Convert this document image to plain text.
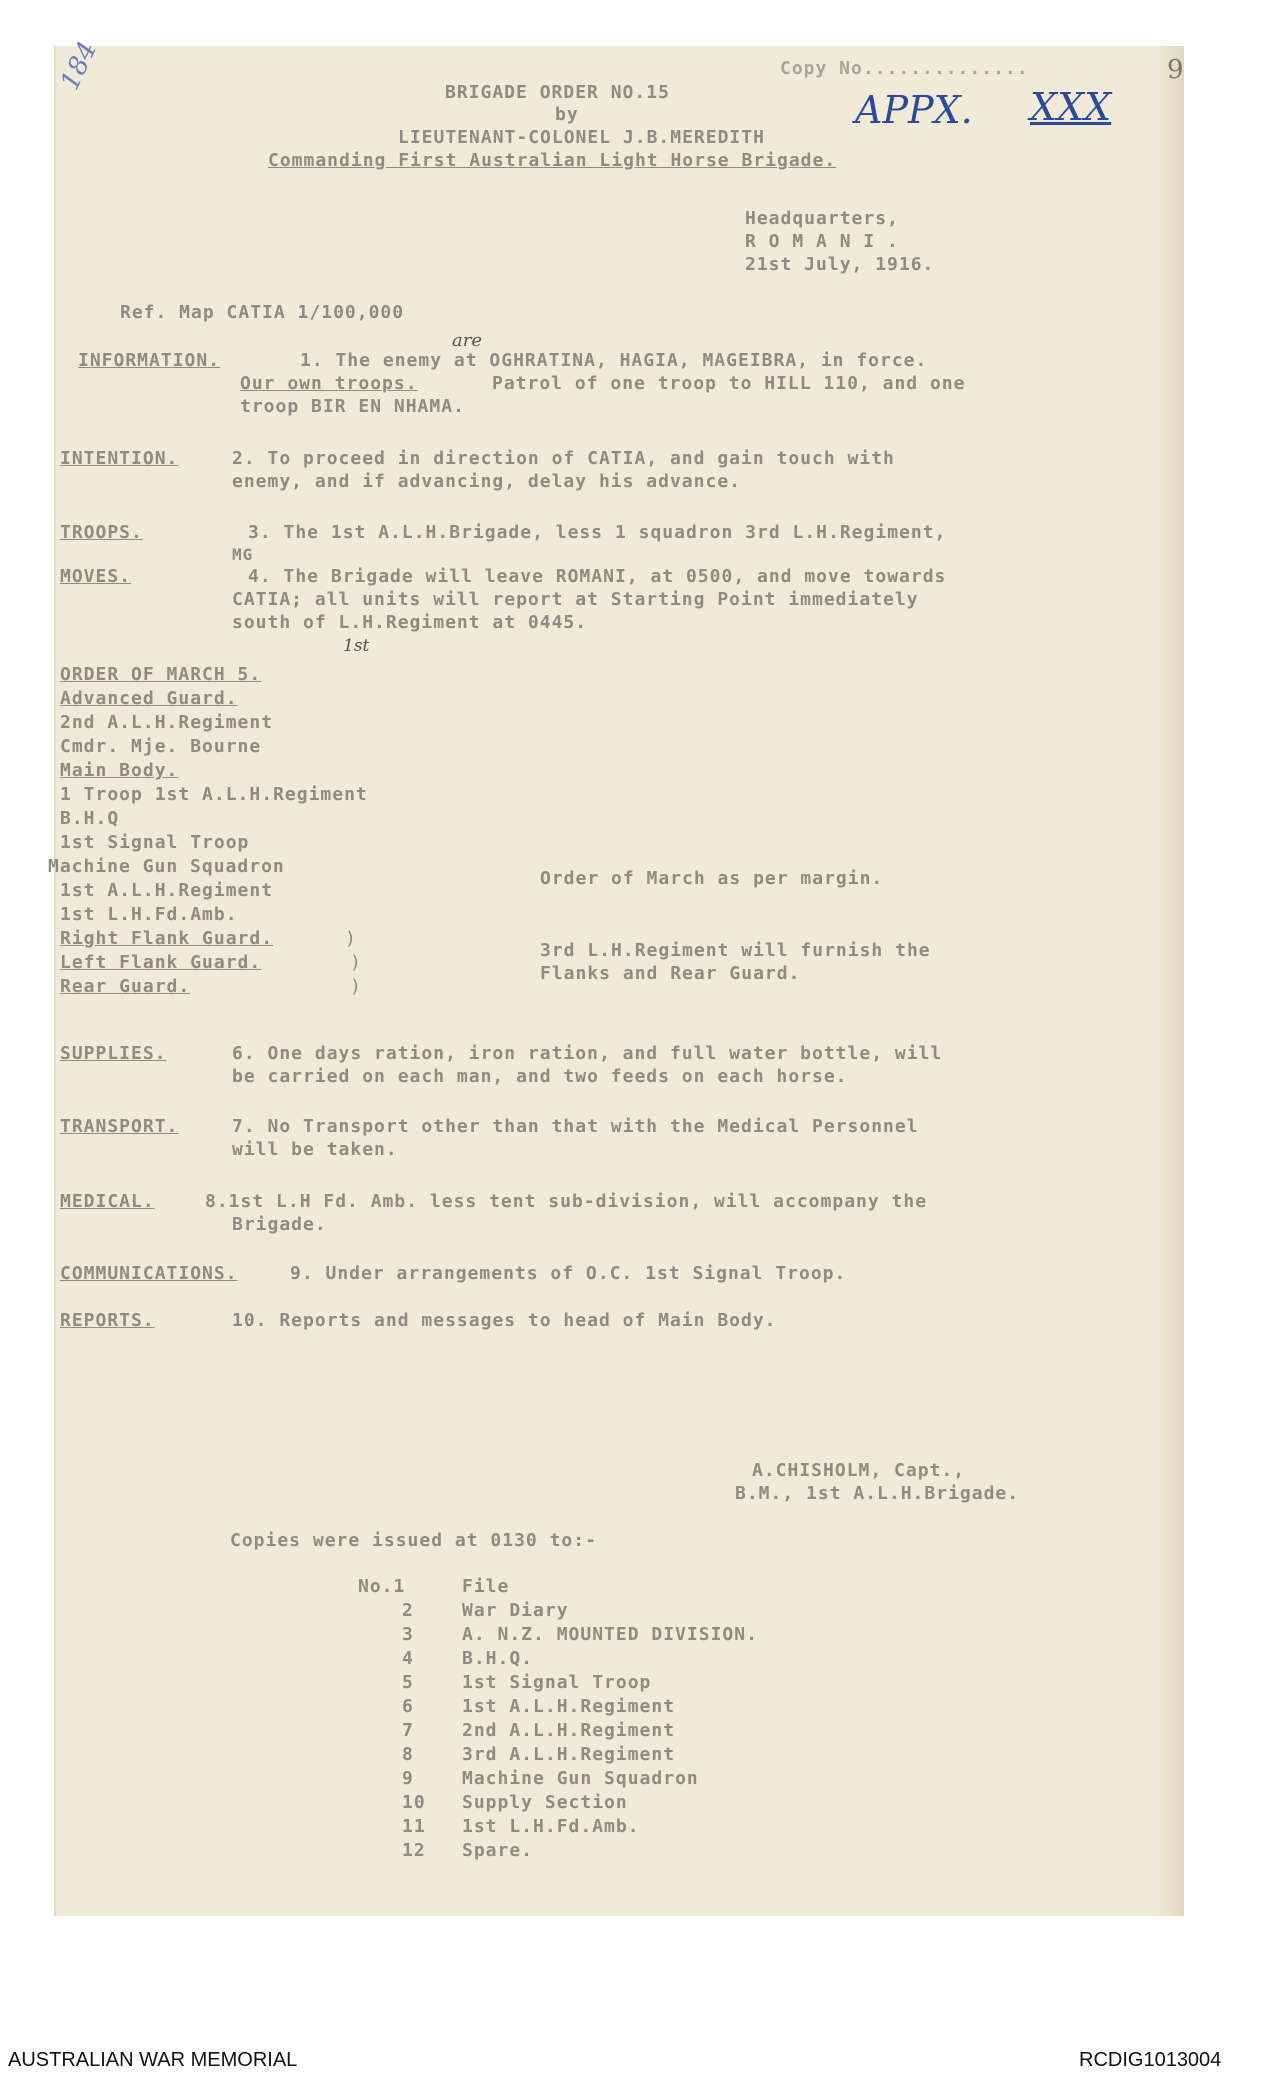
BRIGADE ORDER NO.15
by
LIEUTENANT-COLONEL J.B.MEREDITH
Commanding First Australian Light Horse Brigade.
Copy No..............
APPX. XXX
9
184
Headquarters,
R O M A N I .
21st July, 1916.
Ref. Map CATIA 1/100,000
INFORMATION.	1. The enemy at OGHRATINA, HAGIA, MAGEIBRA, in force.
are
Our own troops.	Patrol of one troop to HILL 110, and one
troop BIR EN NHAMA.
INTENTION.	2. To proceed in direction of CATIA, and gain touch with
enemy, and if advancing, delay his advance.
TROOPS.	3. The 1st A.L.H.Brigade, less 1 squadron 3rd L.H.Regiment,
MG
MOVES.	4. The Brigade will leave ROMANI, at 0500, and move towards
CATIA; all units will report at Starting Point immediately
south of L.H.Regiment at 0445.
1st
ORDER OF MARCH 5.
Advanced Guard.
2nd A.L.H.Regiment
Cmdr. Mje. Bourne
Main Body.
1 Troop 1st A.L.H.Regiment
B.H.Q
1st Signal Troop
Machine Gun Squadron
1st A.L.H.Regiment
1st L.H.Fd.Amb.
Right Flank Guard.
Left Flank Guard.
Rear Guard.
)
)
)
Order of March as per margin.
3rd L.H.Regiment will furnish the
Flanks and Rear Guard.
SUPPLIES.	6. One days ration, iron ration, and full water bottle, will
be carried on each man, and two feeds on each horse.
TRANSPORT.	7. No Transport other than that with the Medical Personnel
will be taken.
MEDICAL.	8.1st L.H Fd. Amb. less tent sub-division, will accompany the
Brigade.
COMMUNICATIONS.	9. Under arrangements of O.C. 1st Signal Troop.
REPORTS.	10. Reports and messages to head of Main Body.
A.CHISHOLM, Capt.,
B.M., 1st A.L.H.Brigade.
Copies were issued at 0130 to:-
No.1	File
2	War Diary
3	A. N.Z. MOUNTED DIVISION.
4	B.H.Q.
5	1st Signal Troop
6	1st A.L.H.Regiment
7	2nd A.L.H.Regiment
8	3rd A.L.H.Regiment
9	Machine Gun Squadron
10 Supply Section
11 1st L.H.Fd.Amb.
12 Spare.
AUSTRALIAN WAR MEMORIAL	RCDIG1013004
